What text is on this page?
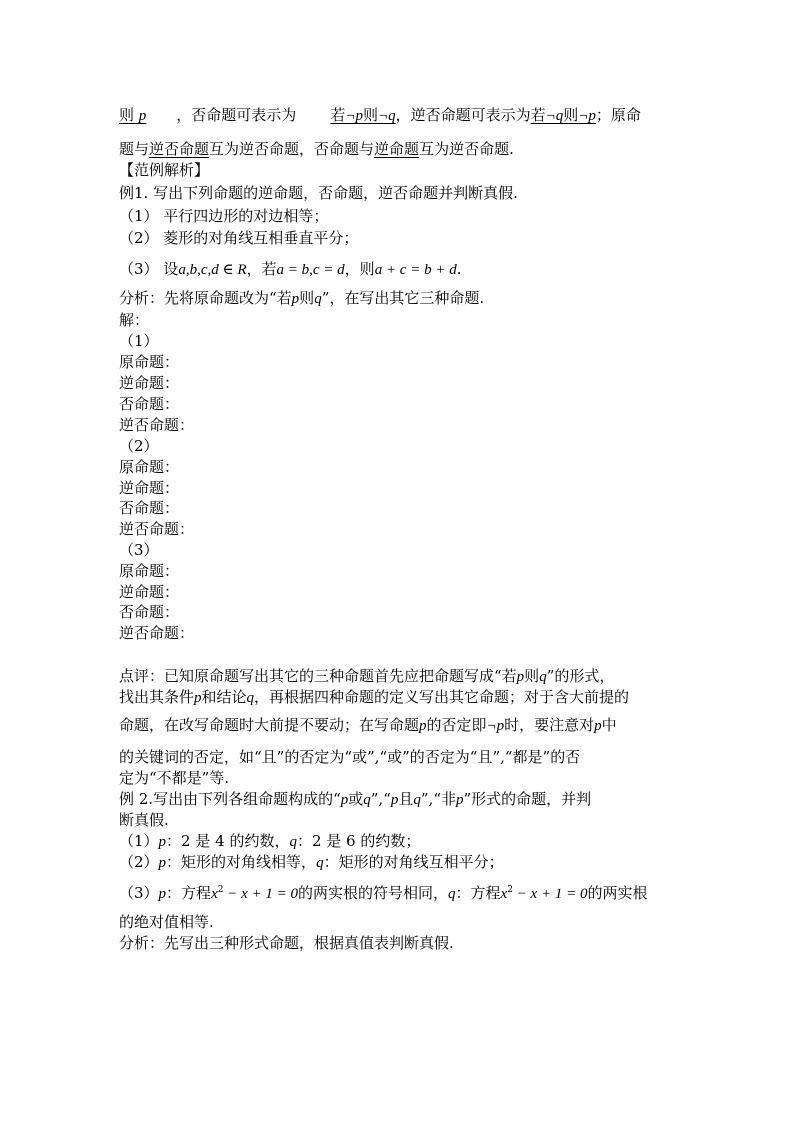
则 p ，否命题可表示为 若¬p则¬q，逆否命题可表示为若¬q则¬p；原命
题与逆否命题互为逆否命题，否命题与逆命题互为逆否命题.
【范例解析】
例1. 写出下列命题的逆命题，否命题，逆否命题并判断真假.
（1） 平行四边形的对边相等；
（2） 菱形的对角线互相垂直平分；
（3） 设a,b,c,d ∈ R，若a = b,c = d，则a + c = b + d.
分析：先将原命题改为“若p则q”，在写出其它三种命题.
解：
（1）
原命题：
逆命题：
否命题：
逆否命题：
（2）
原命题：
逆命题：
否命题：
逆否命题：
（3）
原命题：
逆命题：
否命题：
逆否命题：
点评：已知原命题写出其它的三种命题首先应把命题写成“若p则q”的形式，
找出其条件p和结论q，再根据四种命题的定义写出其它命题；对于含大前提的
命题，在改写命题时大前提不要动；在写命题p的否定即¬p时，要注意对p中
的关键词的否定，如“且”的否定为“或”,“或”的否定为“且”,“都是”的否
定为“不都是”等.
例 2.写出由下列各组命题构成的“p或q”,“p且q”,“非p”形式的命题，并判
断真假.
（1）p：2 是 4 的约数，q：2 是 6 的约数；
（2）p：矩形的对角线相等，q：矩形的对角线互相平分；
（3）p：方程$x^2 - x + 1 = 0$的两实根的符号相同，q：方程$x^2 - x + 1 = 0$的两实根
的绝对值相等.
分析：先写出三种形式命题，根据真值表判断真假.
